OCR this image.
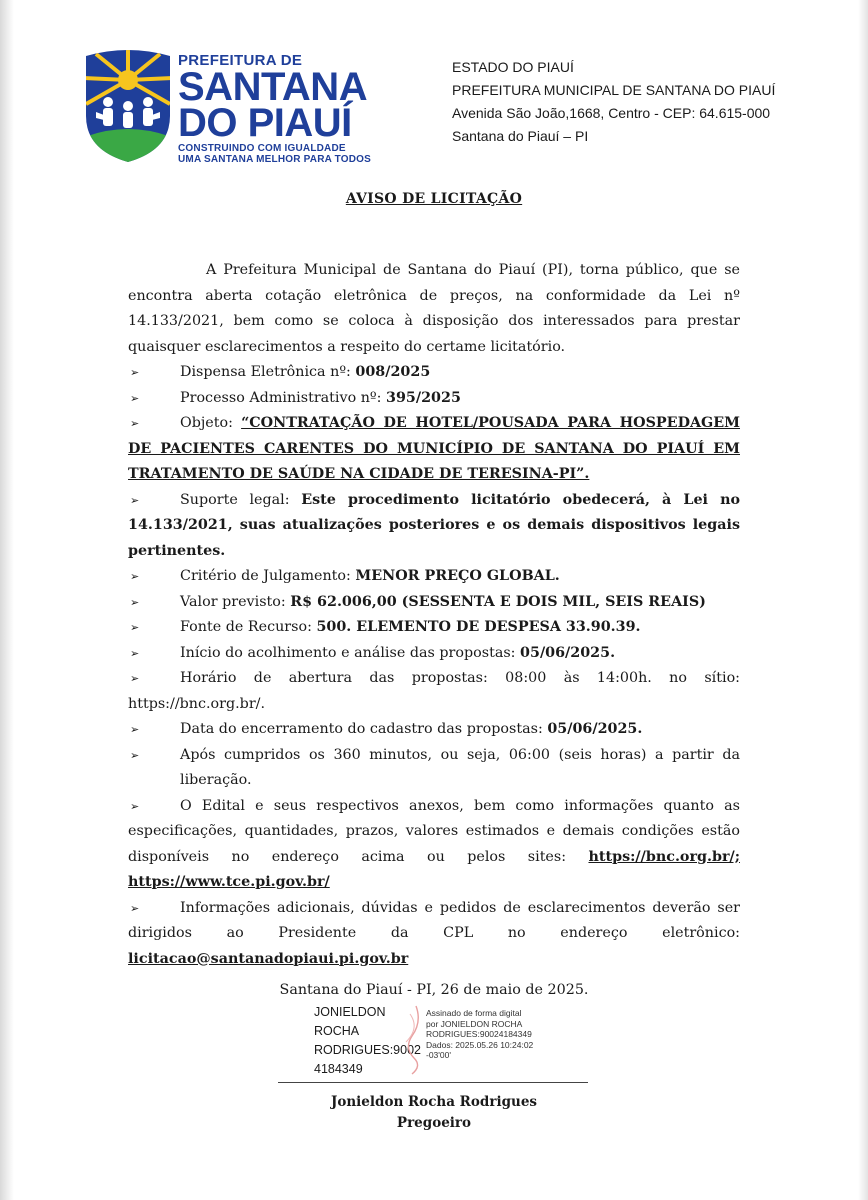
PREFEITURA DE
SANTANA
DO PIAUÍ
CONSTRUINDO COM IGUALDADE
UMA SANTANA MELHOR PARA TODOS
ESTADO DO PIAUÍ
PREFEITURA MUNICIPAL DE SANTANA DO PIAUÍ
Avenida São João,1668, Centro - CEP: 64.615-000
Santana do Piauí – PI
AVISO DE LICITAÇÃO

A Prefeitura Municipal de Santana do Piauí (PI), torna público, que se encontra aberta cotação eletrônica de preços, na conformidade da Lei nº 14.133/2021, bem como se coloca à disposição dos interessados para prestar quaisquer esclarecimentos a respeito do certame licitatório.

➢	Dispensa Eletrônica nº: 008/2025

➢	Processo Administrativo nº: 395/2025

➢	Objeto: “CONTRATAÇÃO DE HOTEL/POUSADA PARA HOSPEDAGEM DE PACIENTES CARENTES DO MUNICÍPIO DE SANTANA DO PIAUÍ EM TRATAMENTO DE SAÚDE NA CIDADE DE TERESINA-PI”.

➢	Suporte legal: Este procedimento licitatório obedecerá, à Lei no 14.133/2021, suas atualizações posteriores e os demais dispositivos legais pertinentes.

➢	Critério de Julgamento: MENOR PREÇO GLOBAL.

➢	Valor previsto: R$ 62.006,00 (SESSENTA E DOIS MIL, SEIS REAIS)

➢	Fonte de Recurso: 500. ELEMENTO DE DESPESA 33.90.39.

➢	Início do acolhimento e análise das propostas: 05/06/2025.

➢	Horário de abertura das propostas: 08:00 às 14:00h. no sítio: https://bnc.org.br/.

➢	Data do encerramento do cadastro das propostas: 05/06/2025.

➢	Após cumpridos os 360 minutos, ou seja, 06:00 (seis horas) a partir da liberação.

➢	O Edital e seus respectivos anexos, bem como informações quanto as especificações, quantidades, prazos, valores estimados e demais condições estão disponíveis no endereço acima ou pelos sites: https://bnc.org.br/; https://www.tce.pi.gov.br/

➢	Informações adicionais, dúvidas e pedidos de esclarecimentos deverão ser dirigidos ao Presidente da CPL no endereço eletrônico: licitacao@santanadopiaui.pi.gov.br

Santana do Piauí - PI, 26 de maio de 2025.
JONIELDON
ROCHA
RODRIGUES:9002
4184349
Assinado de forma digital
por JONIELDON ROCHA
RODRIGUES:90024184349
Dados: 2025.05.26 10:24:02
-03'00'
Jonieldon Rocha Rodrigues
Pregoeiro
